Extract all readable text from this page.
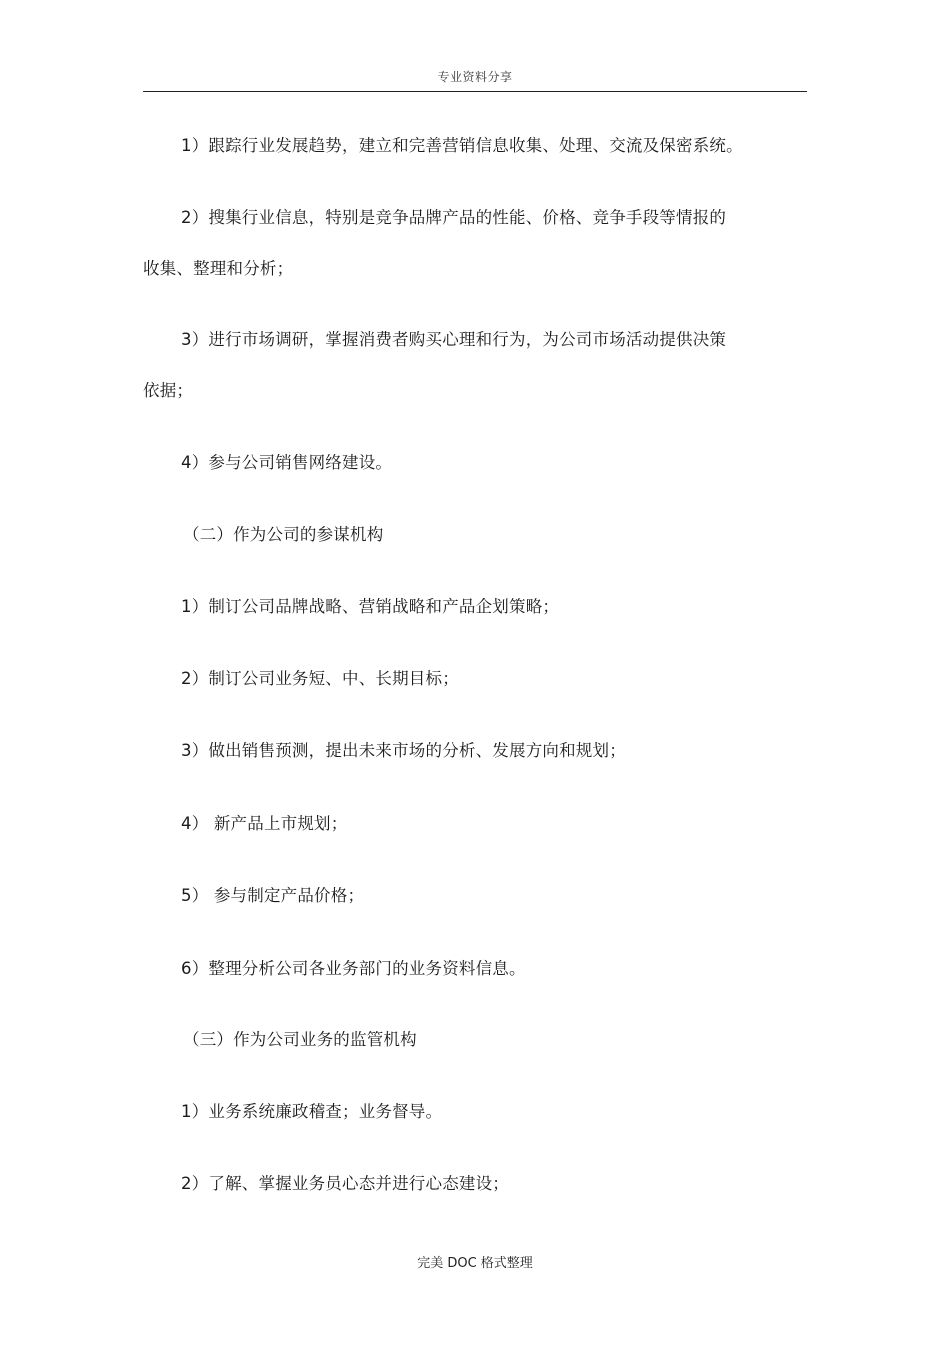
专业资料分享
1）跟踪行业发展趋势，建立和完善营销信息收集、处理、交流及保密系统。
2）搜集行业信息，特别是竞争品牌产品的性能、价格、竞争手段等情报的
收集、整理和分析；
3）进行市场调研，掌握消费者购买心理和行为，为公司市场活动提供决策
依据；
4）参与公司销售网络建设。
（二）作为公司的参谋机构
1）制订公司品牌战略、营销战略和产品企划策略；
2）制订公司业务短、中、长期目标；
3）做出销售预测，提出未来市场的分析、发展方向和规划；
4） 新产品上市规划；
5） 参与制定产品价格；
6）整理分析公司各业务部门的业务资料信息。
（三）作为公司业务的监管机构
1）业务系统廉政稽查；业务督导。
2）了解、掌握业务员心态并进行心态建设；
完美 DOC 格式整理
